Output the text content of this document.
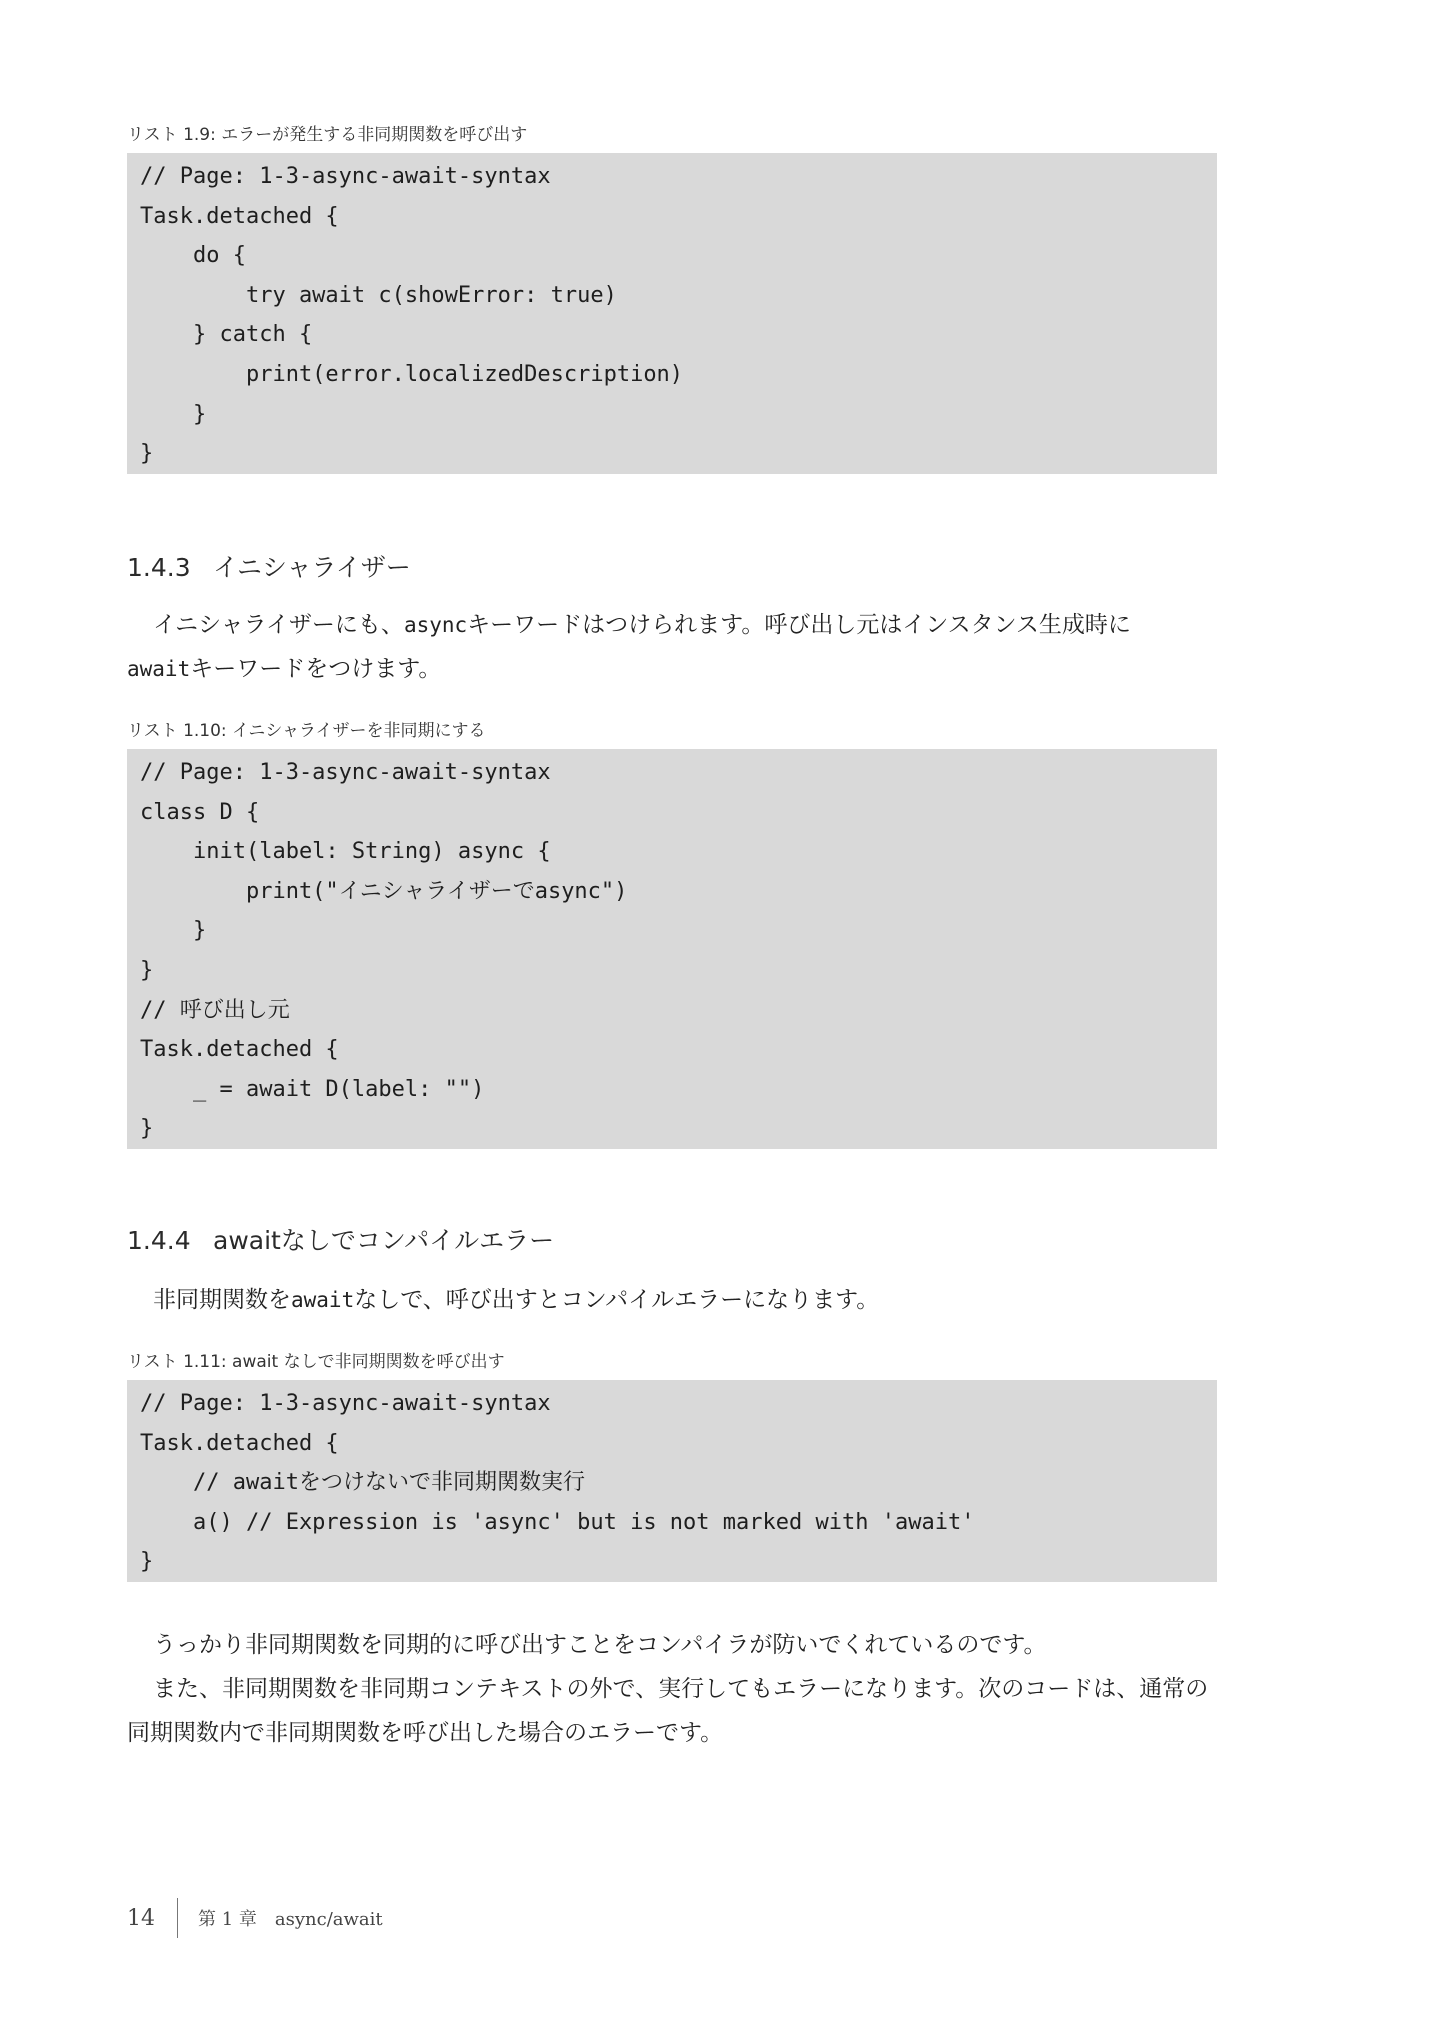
リスト 1.9: エラーが発生する非同期関数を呼び出す

// Page: 1-3-async-await-syntax
Task.detached {
do {
try await c(showError: true)
} catch {
print(error.localizedDescription)
}
}
1.4.3 イニシャライザー

イニシャライザーにも、asyncキーワードはつけられます。呼び出し元はインスタンス生成時に
awaitキーワードをつけます。

リスト 1.10: イニシャライザーを非同期にする

// Page: 1-3-async-await-syntax
class D {
init(label: String) async {
print("イニシャライザーでasync")
}
}
// 呼び出し元
Task.detached {
_ = await D(label: "")
}
1.4.4 awaitなしでコンパイルエラー

非同期関数をawaitなしで、呼び出すとコンパイルエラーになります。

リスト 1.11: await なしで非同期関数を呼び出す

// Page: 1-3-async-await-syntax
Task.detached {
// awaitをつけないで非同期関数実行
a() // Expression is 'async' but is not marked with 'await'
}

うっかり非同期関数を同期的に呼び出すことをコンパイラが防いでくれているのです。

また、非同期関数を非同期コンテキストの外で、実行してもエラーになります。次のコードは、通常の同期関数内で非同期関数を呼び出した場合のエラーです。

14	第 1 章　async/await
